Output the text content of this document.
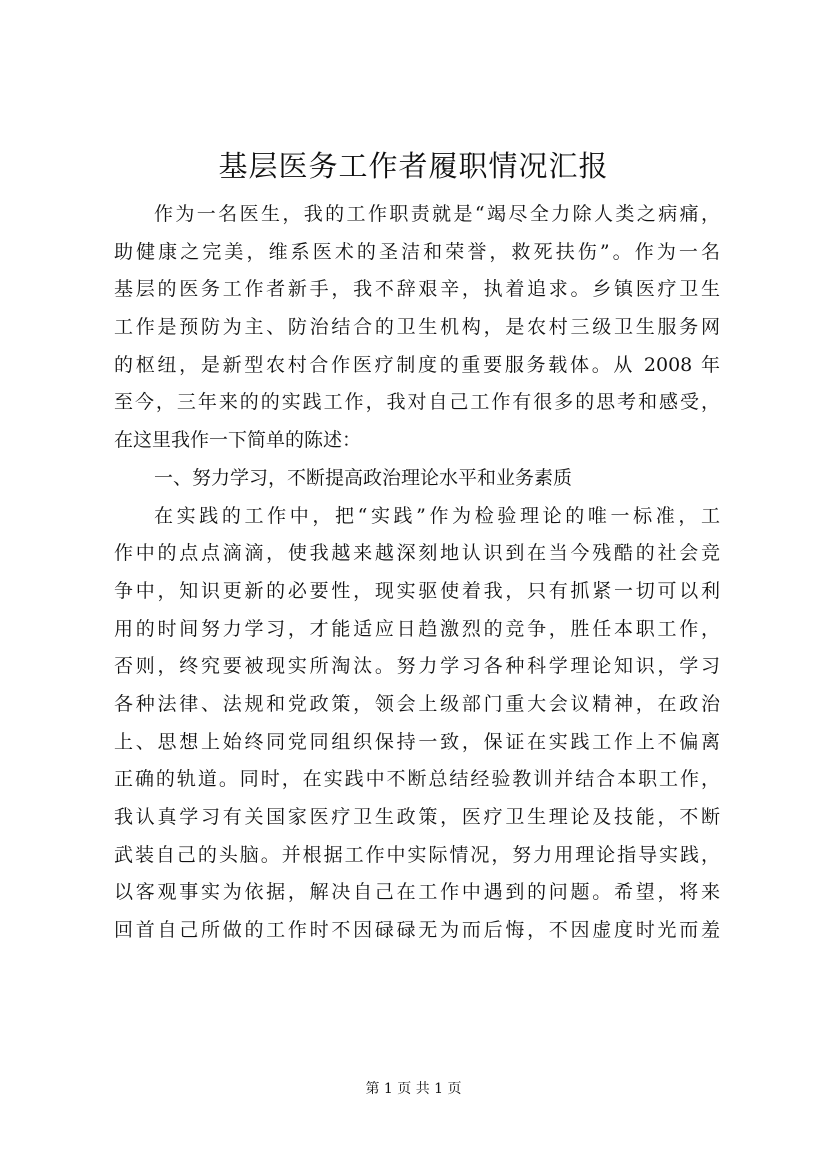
基层医务工作者履职情况汇报
作为一名医生，我的工作职责就是“竭尽全力除人类之病痛，
助健康之完美，维系医术的圣洁和荣誉，救死扶伤”。作为一名
基层的医务工作者新手，我不辞艰辛，执着追求。乡镇医疗卫生
工作是预防为主、防治结合的卫生机构，是农村三级卫生服务网
的枢纽，是新型农村合作医疗制度的重要服务载体。从 2008 年
至今，三年来的的实践工作，我对自己工作有很多的思考和感受，
在这里我作一下简单的陈述：
一、努力学习，不断提高政治理论水平和业务素质
在实践的工作中，把“实践”作为检验理论的唯一标准，工
作中的点点滴滴，使我越来越深刻地认识到在当今残酷的社会竞
争中，知识更新的必要性，现实驱使着我，只有抓紧一切可以利
用的时间努力学习，才能适应日趋激烈的竞争，胜任本职工作，
否则，终究要被现实所淘汰。努力学习各种科学理论知识，学习
各种法律、法规和党政策，领会上级部门重大会议精神，在政治
上、思想上始终同党同组织保持一致，保证在实践工作上不偏离
正确的轨道。同时，在实践中不断总结经验教训并结合本职工作，
我认真学习有关国家医疗卫生政策，医疗卫生理论及技能，不断
武装自己的头脑。并根据工作中实际情况，努力用理论指导实践，
以客观事实为依据，解决自己在工作中遇到的问题。希望，将来
回首自己所做的工作时不因碌碌无为而后悔，不因虚度时光而羞
第 1 页 共 1 页
